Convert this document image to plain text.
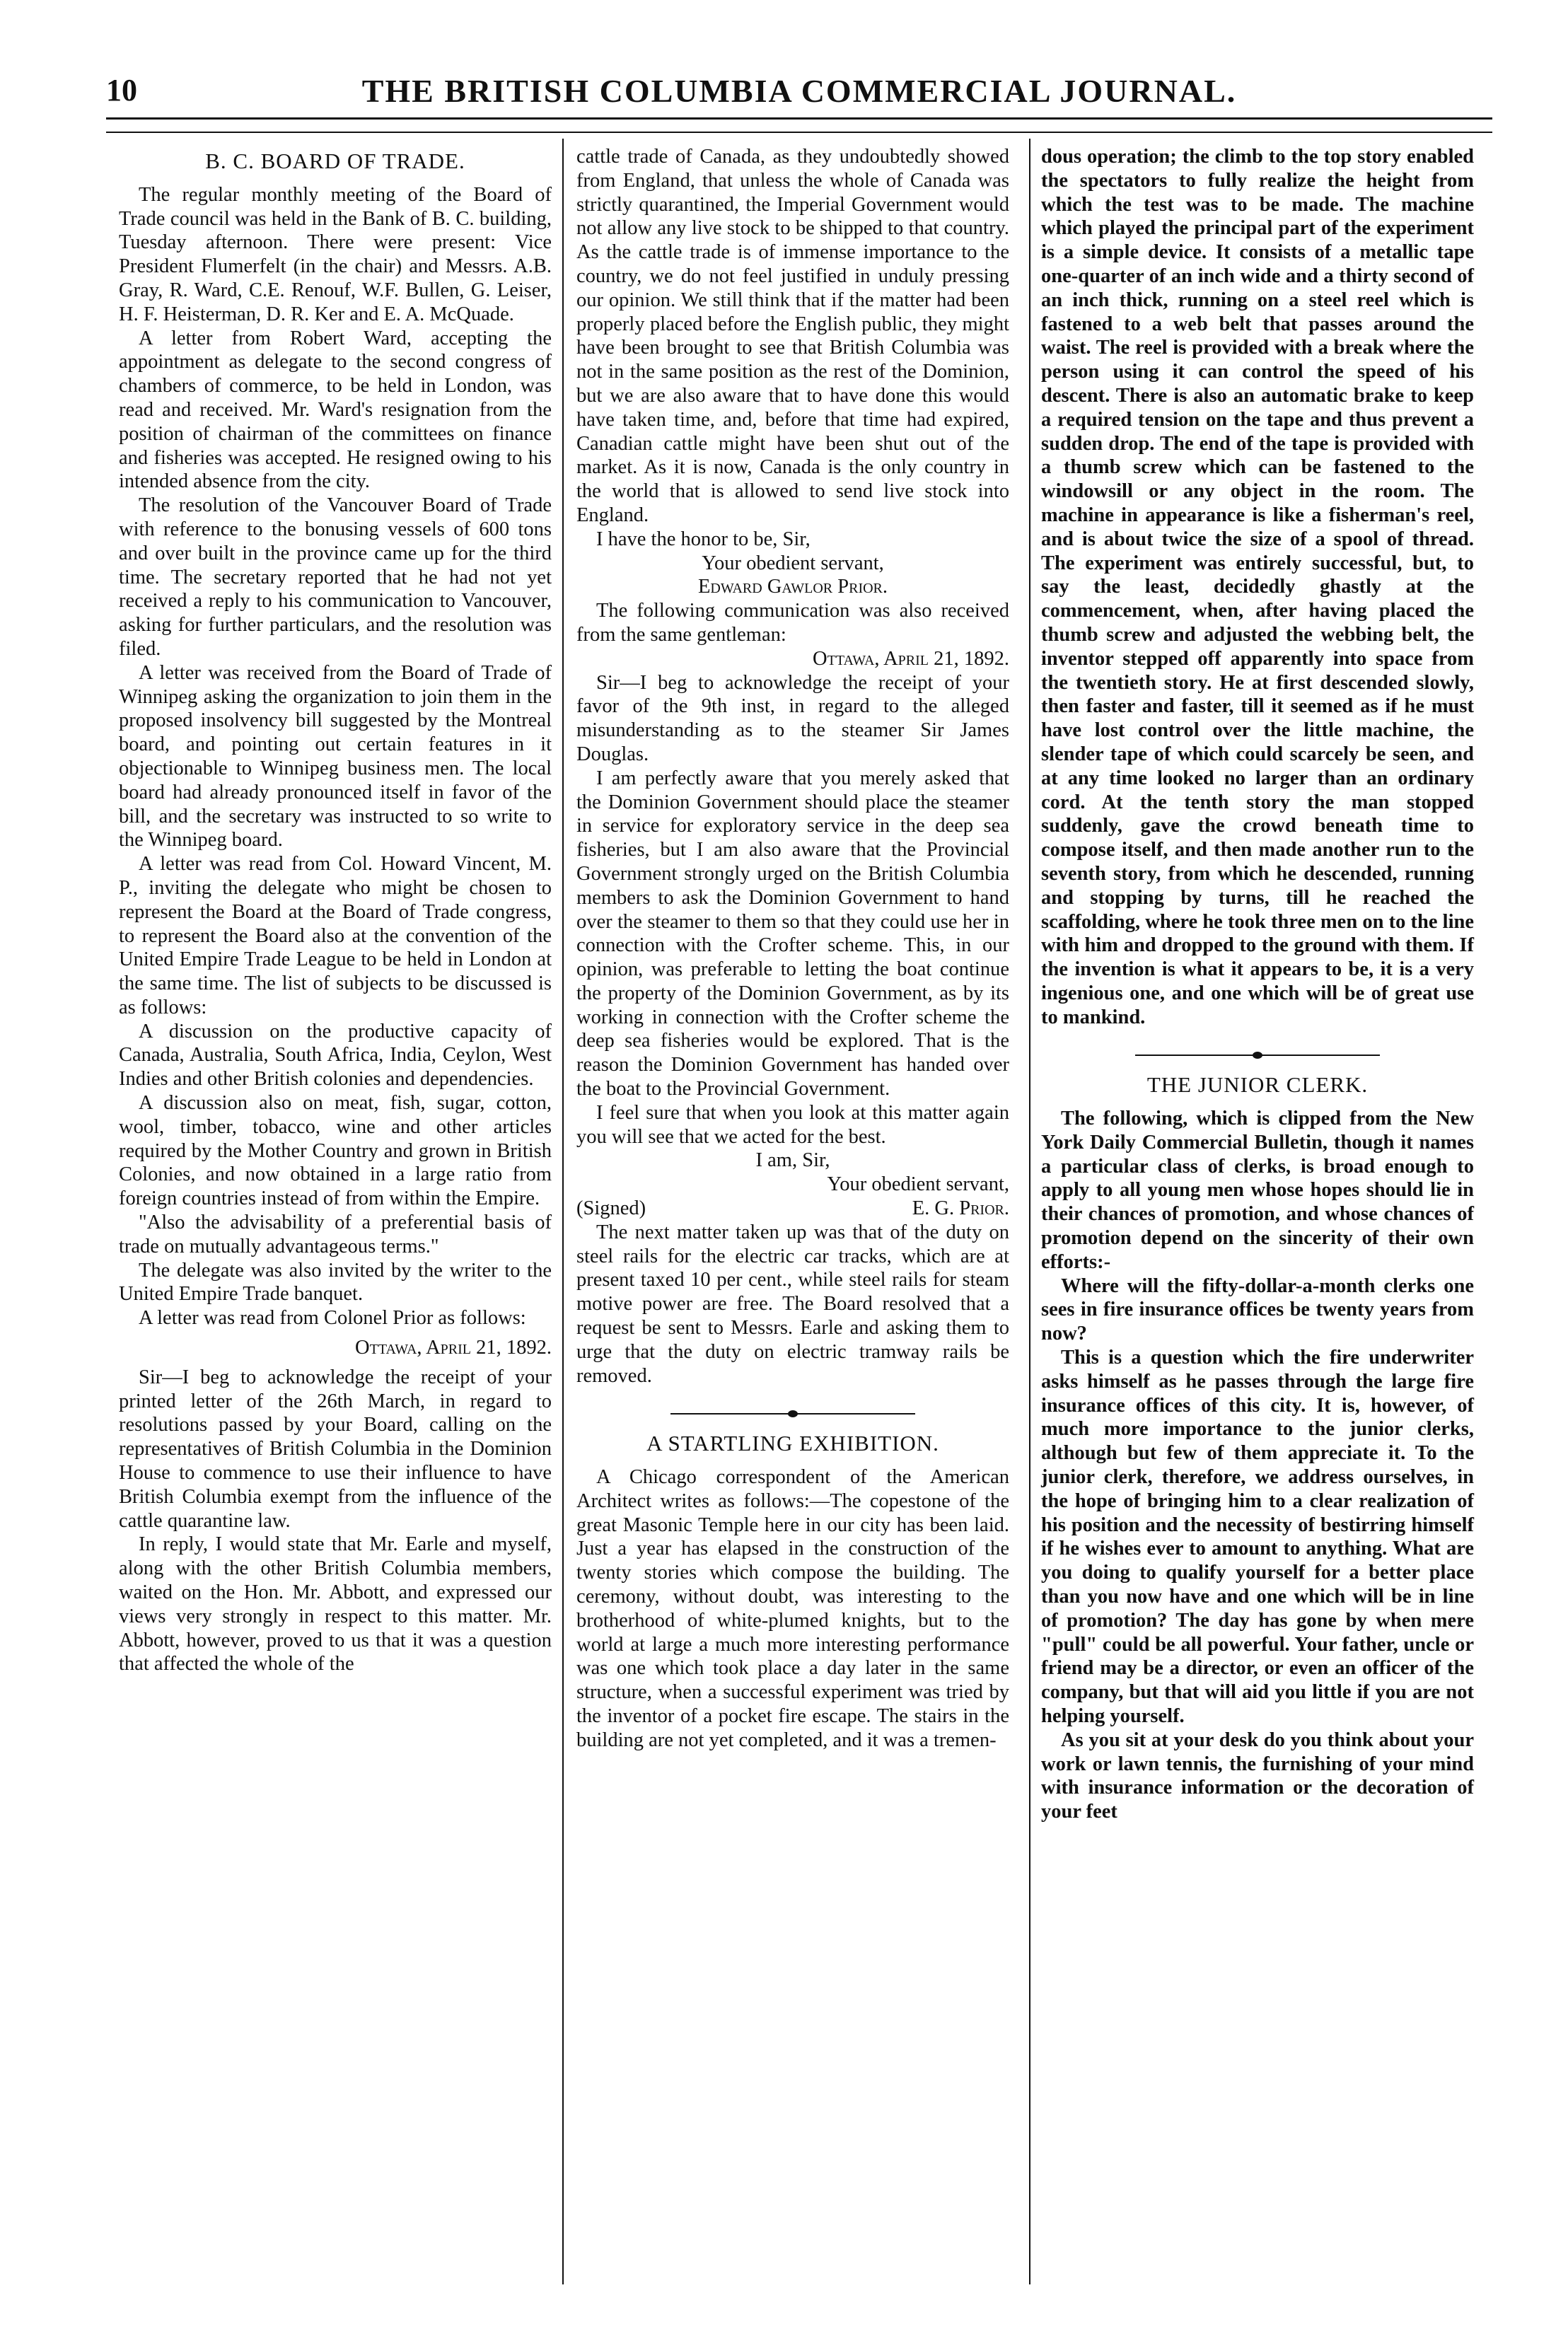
10	THE BRITISH COLUMBIA COMMERCIAL JOURNAL.
B. C. BOARD OF TRADE.

The regular monthly meeting of the Board of Trade council was held in the Bank of B. C. building, Tuesday afternoon. There were present: Vice President Flumerfelt (in the chair) and Messrs. A.B. Gray, R. Ward, C.E. Renouf, W.F. Bullen, G. Leiser, H. F. Heisterman, D. R. Ker and E. A. McQuade.

A letter from Robert Ward, accepting the appointment as delegate to the second congress of chambers of commerce, to be held in London, was read and received. Mr. Ward's resignation from the position of chairman of the committees on finance and fisheries was accepted. He resigned owing to his intended absence from the city.

The resolution of the Vancouver Board of Trade with reference to the bonusing vessels of 600 tons and over built in the province came up for the third time. The secretary reported that he had not yet received a reply to his communication to Vancouver, asking for further particulars, and the resolution was filed.

A letter was received from the Board of Trade of Winnipeg asking the organization to join them in the proposed insolvency bill suggested by the Montreal board, and pointing out certain features in it objectionable to Winnipeg business men. The local board had already pronounced itself in favor of the bill, and the secretary was instructed to so write to the Winnipeg board.

A letter was read from Col. Howard Vincent, M. P., inviting the delegate who might be chosen to represent the Board at the Board of Trade congress, to represent the Board also at the convention of the United Empire Trade League to be held in London at the same time. The list of subjects to be discussed is as follows:

A discussion on the productive capacity of Canada, Australia, South Africa, India, Ceylon, West Indies and other British colonies and dependencies.

A discussion also on meat, fish, sugar, cotton, wool, timber, tobacco, wine and other articles required by the Mother Country and grown in British Colonies, and now obtained in a large ratio from foreign countries instead of from within the Empire.

"Also the advisability of a preferential basis of trade on mutually advantageous terms."

The delegate was also invited by the writer to the United Empire Trade banquet.

A letter was read from Colonel Prior as follows:

Ottawa, April 21, 1892.

Sir—I beg to acknowledge the receipt of your printed letter of the 26th March, in regard to resolutions passed by your Board, calling on the representatives of British Columbia in the Dominion House to commence to use their influence to have British Columbia exempt from the influence of the cattle quarantine law.

In reply, I would state that Mr. Earle and myself, along with the other British Columbia members, waited on the Hon. Mr. Abbott, and expressed our views very strongly in respect to this matter. Mr. Abbott, however, proved to us that it was a question that affected the whole of the

cattle trade of Canada, as they undoubtedly showed from England, that unless the whole of Canada was strictly quarantined, the Imperial Government would not allow any live stock to be shipped to that country. As the cattle trade is of immense importance to the country, we do not feel justified in unduly pressing our opinion. We still think that if the matter had been properly placed before the English public, they might have been brought to see that British Columbia was not in the same position as the rest of the Dominion, but we are also aware that to have done this would have taken time, and, before that time had expired, Canadian cattle might have been shut out of the market. As it is now, Canada is the only country in the world that is allowed to send live stock into England.

I have the honor to be, Sir,

Your obedient servant,

Edward Gawlor Prior.

The following communication was also received from the same gentleman:

Ottawa, April 21, 1892.

Sir—I beg to acknowledge the receipt of your favor of the 9th inst, in regard to the alleged misunderstanding as to the steamer Sir James Douglas.

I am perfectly aware that you merely asked that the Dominion Government should place the steamer in service for exploratory service in the deep sea fisheries, but I am also aware that the Provincial Government strongly urged on the British Columbia members to ask the Dominion Government to hand over the steamer to them so that they could use her in connection with the Crofter scheme. This, in our opinion, was preferable to letting the boat continue the property of the Dominion Government, as by its working in connection with the Crofter scheme the deep sea fisheries would be explored. That is the reason the Dominion Government has handed over the boat to the Provincial Government.

I feel sure that when you look at this matter again you will see that we acted for the best.

I am, Sir,

Your obedient servant,

(Signed)	E. G. Prior.

The next matter taken up was that of the duty on steel rails for the electric car tracks, which are at present taxed 10 per cent., while steel rails for steam motive power are free. The Board resolved that a request be sent to Messrs. Earle and asking them to urge that the duty on electric tramway rails be removed.

A STARTLING EXHIBITION.

A Chicago correspondent of the American Architect writes as follows:—The copestone of the great Masonic Temple here in our city has been laid. Just a year has elapsed in the construction of the twenty stories which compose the building. The ceremony, without doubt, was interesting to the brotherhood of white-plumed knights, but to the world at large a much more interesting performance was one which took place a day later in the same structure, when a successful experiment was tried by the inventor of a pocket fire escape. The stairs in the building are not yet completed, and it was a tremen-

dous operation; the climb to the top story enabled the spectators to fully realize the height from which the test was to be made. The machine which played the principal part of the experiment is a simple device. It consists of a metallic tape one-quarter of an inch wide and a thirty second of an inch thick, running on a steel reel which is fastened to a web belt that passes around the waist. The reel is provided with a break where the person using it can control the speed of his descent. There is also an automatic brake to keep a required tension on the tape and thus prevent a sudden drop. The end of the tape is provided with a thumb screw which can be fastened to the windowsill or any object in the room. The machine in appearance is like a fisherman's reel, and is about twice the size of a spool of thread. The experiment was entirely successful, but, to say the least, decidedly ghastly at the commencement, when, after having placed the thumb screw and adjusted the webbing belt, the inventor stepped off apparently into space from the twentieth story. He at first descended slowly, then faster and faster, till it seemed as if he must have lost control over the little machine, the slender tape of which could scarcely be seen, and at any time looked no larger than an ordinary cord. At the tenth story the man stopped suddenly, gave the crowd beneath time to compose itself, and then made another run to the seventh story, from which he descended, running and stopping by turns, till he reached the scaffolding, where he took three men on to the line with him and dropped to the ground with them. If the invention is what it appears to be, it is a very ingenious one, and one which will be of great use to mankind.

THE JUNIOR CLERK.

The following, which is clipped from the New York Daily Commercial Bulletin, though it names a particular class of clerks, is broad enough to apply to all young men whose hopes should lie in their chances of promotion, and whose chances of promotion depend on the sincerity of their own efforts:-

Where will the fifty-dollar-a-month clerks one sees in fire insurance offices be twenty years from now?

This is a question which the fire underwriter asks himself as he passes through the large fire insurance offices of this city. It is, however, of much more importance to the junior clerks, although but few of them appreciate it. To the junior clerk, therefore, we address ourselves, in the hope of bringing him to a clear realization of his position and the necessity of bestirring himself if he wishes ever to amount to anything. What are you doing to qualify yourself for a better place than you now have and one which will be in line of promotion? The day has gone by when mere "pull" could be all powerful. Your father, uncle or friend may be a director, or even an officer of the company, but that will aid you little if you are not helping yourself.

As you sit at your desk do you think about your work or lawn tennis, the furnishing of your mind with insurance information or the decoration of your feet
